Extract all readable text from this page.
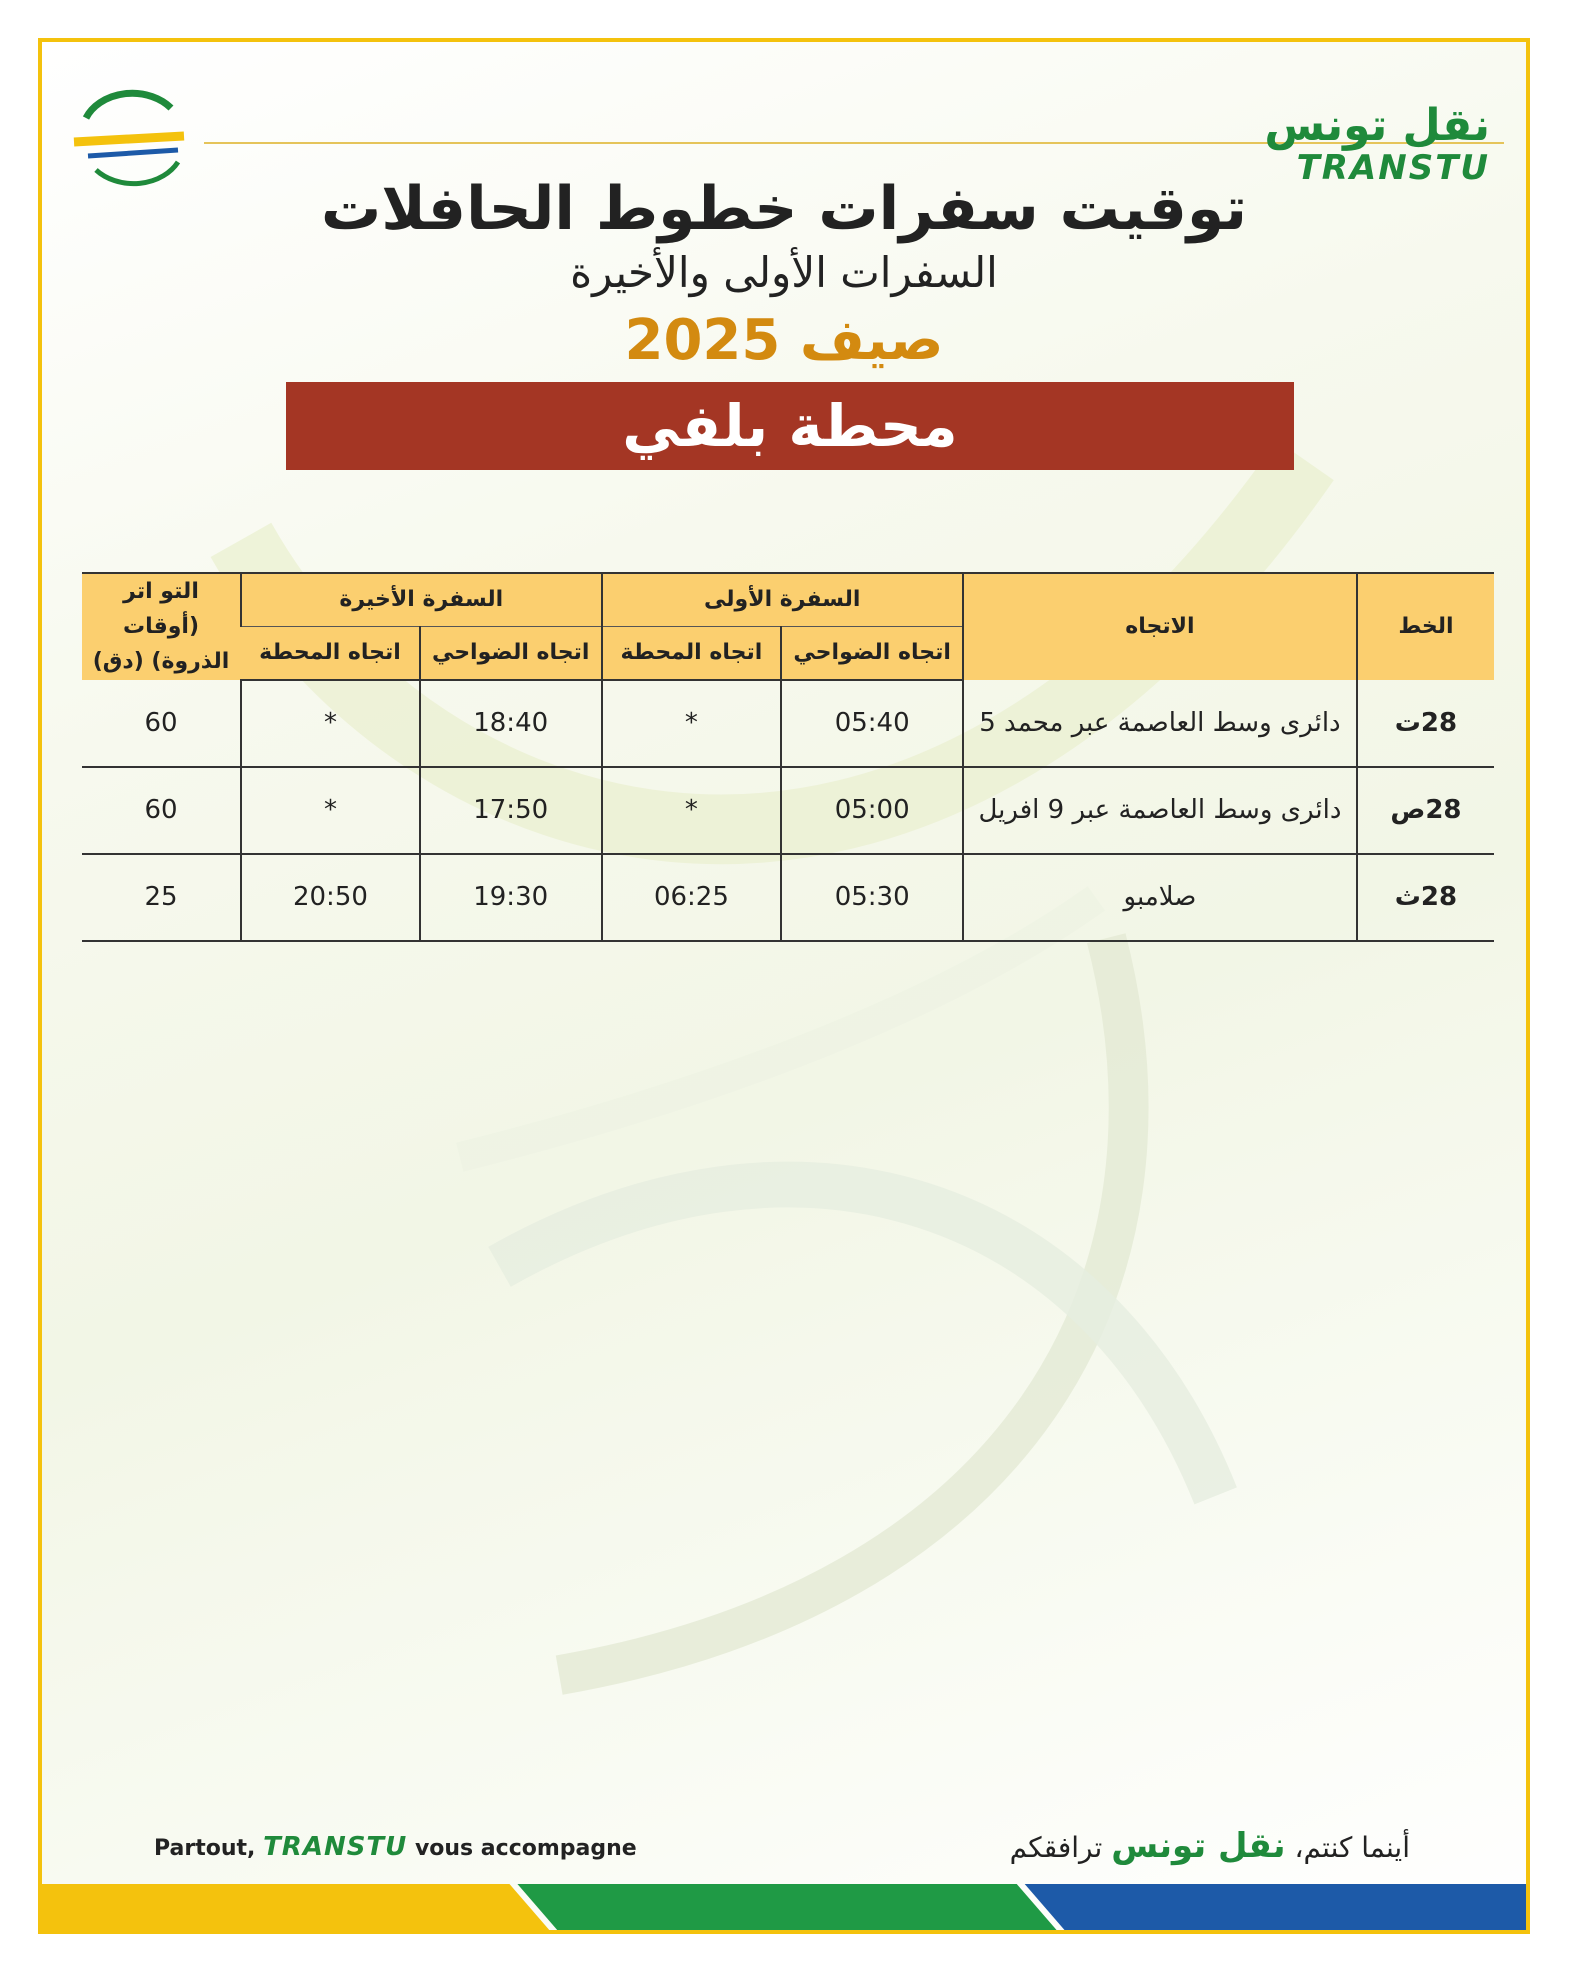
نقل تونس
TRANSTU
توقيت سفرات خطوط الحافلات
السفرات الأولى والأخيرة
صيف 2025
محطة بلفي
الخط	الاتجاه	السفرة الأولى		السفرة الأخيرة		التو اتر (أوقات
الذروة) (دق)

		اتجاه الضواحي	اتجاه المحطة	اتجاه الضواحي	اتجاه المحطة	
28ت	دائرى وسط العاصمة عبر محمد 5	05:40	*	18:40	*	60
28ص	دائرى وسط العاصمة عبر 9 افريل	05:00	*	17:50	*	60
28ث	صلامبو	05:30	06:25	19:30	20:50	25
Partout, TRANSTU vous accompagne	أينما كنتم، نقل تونس ترافقكم
